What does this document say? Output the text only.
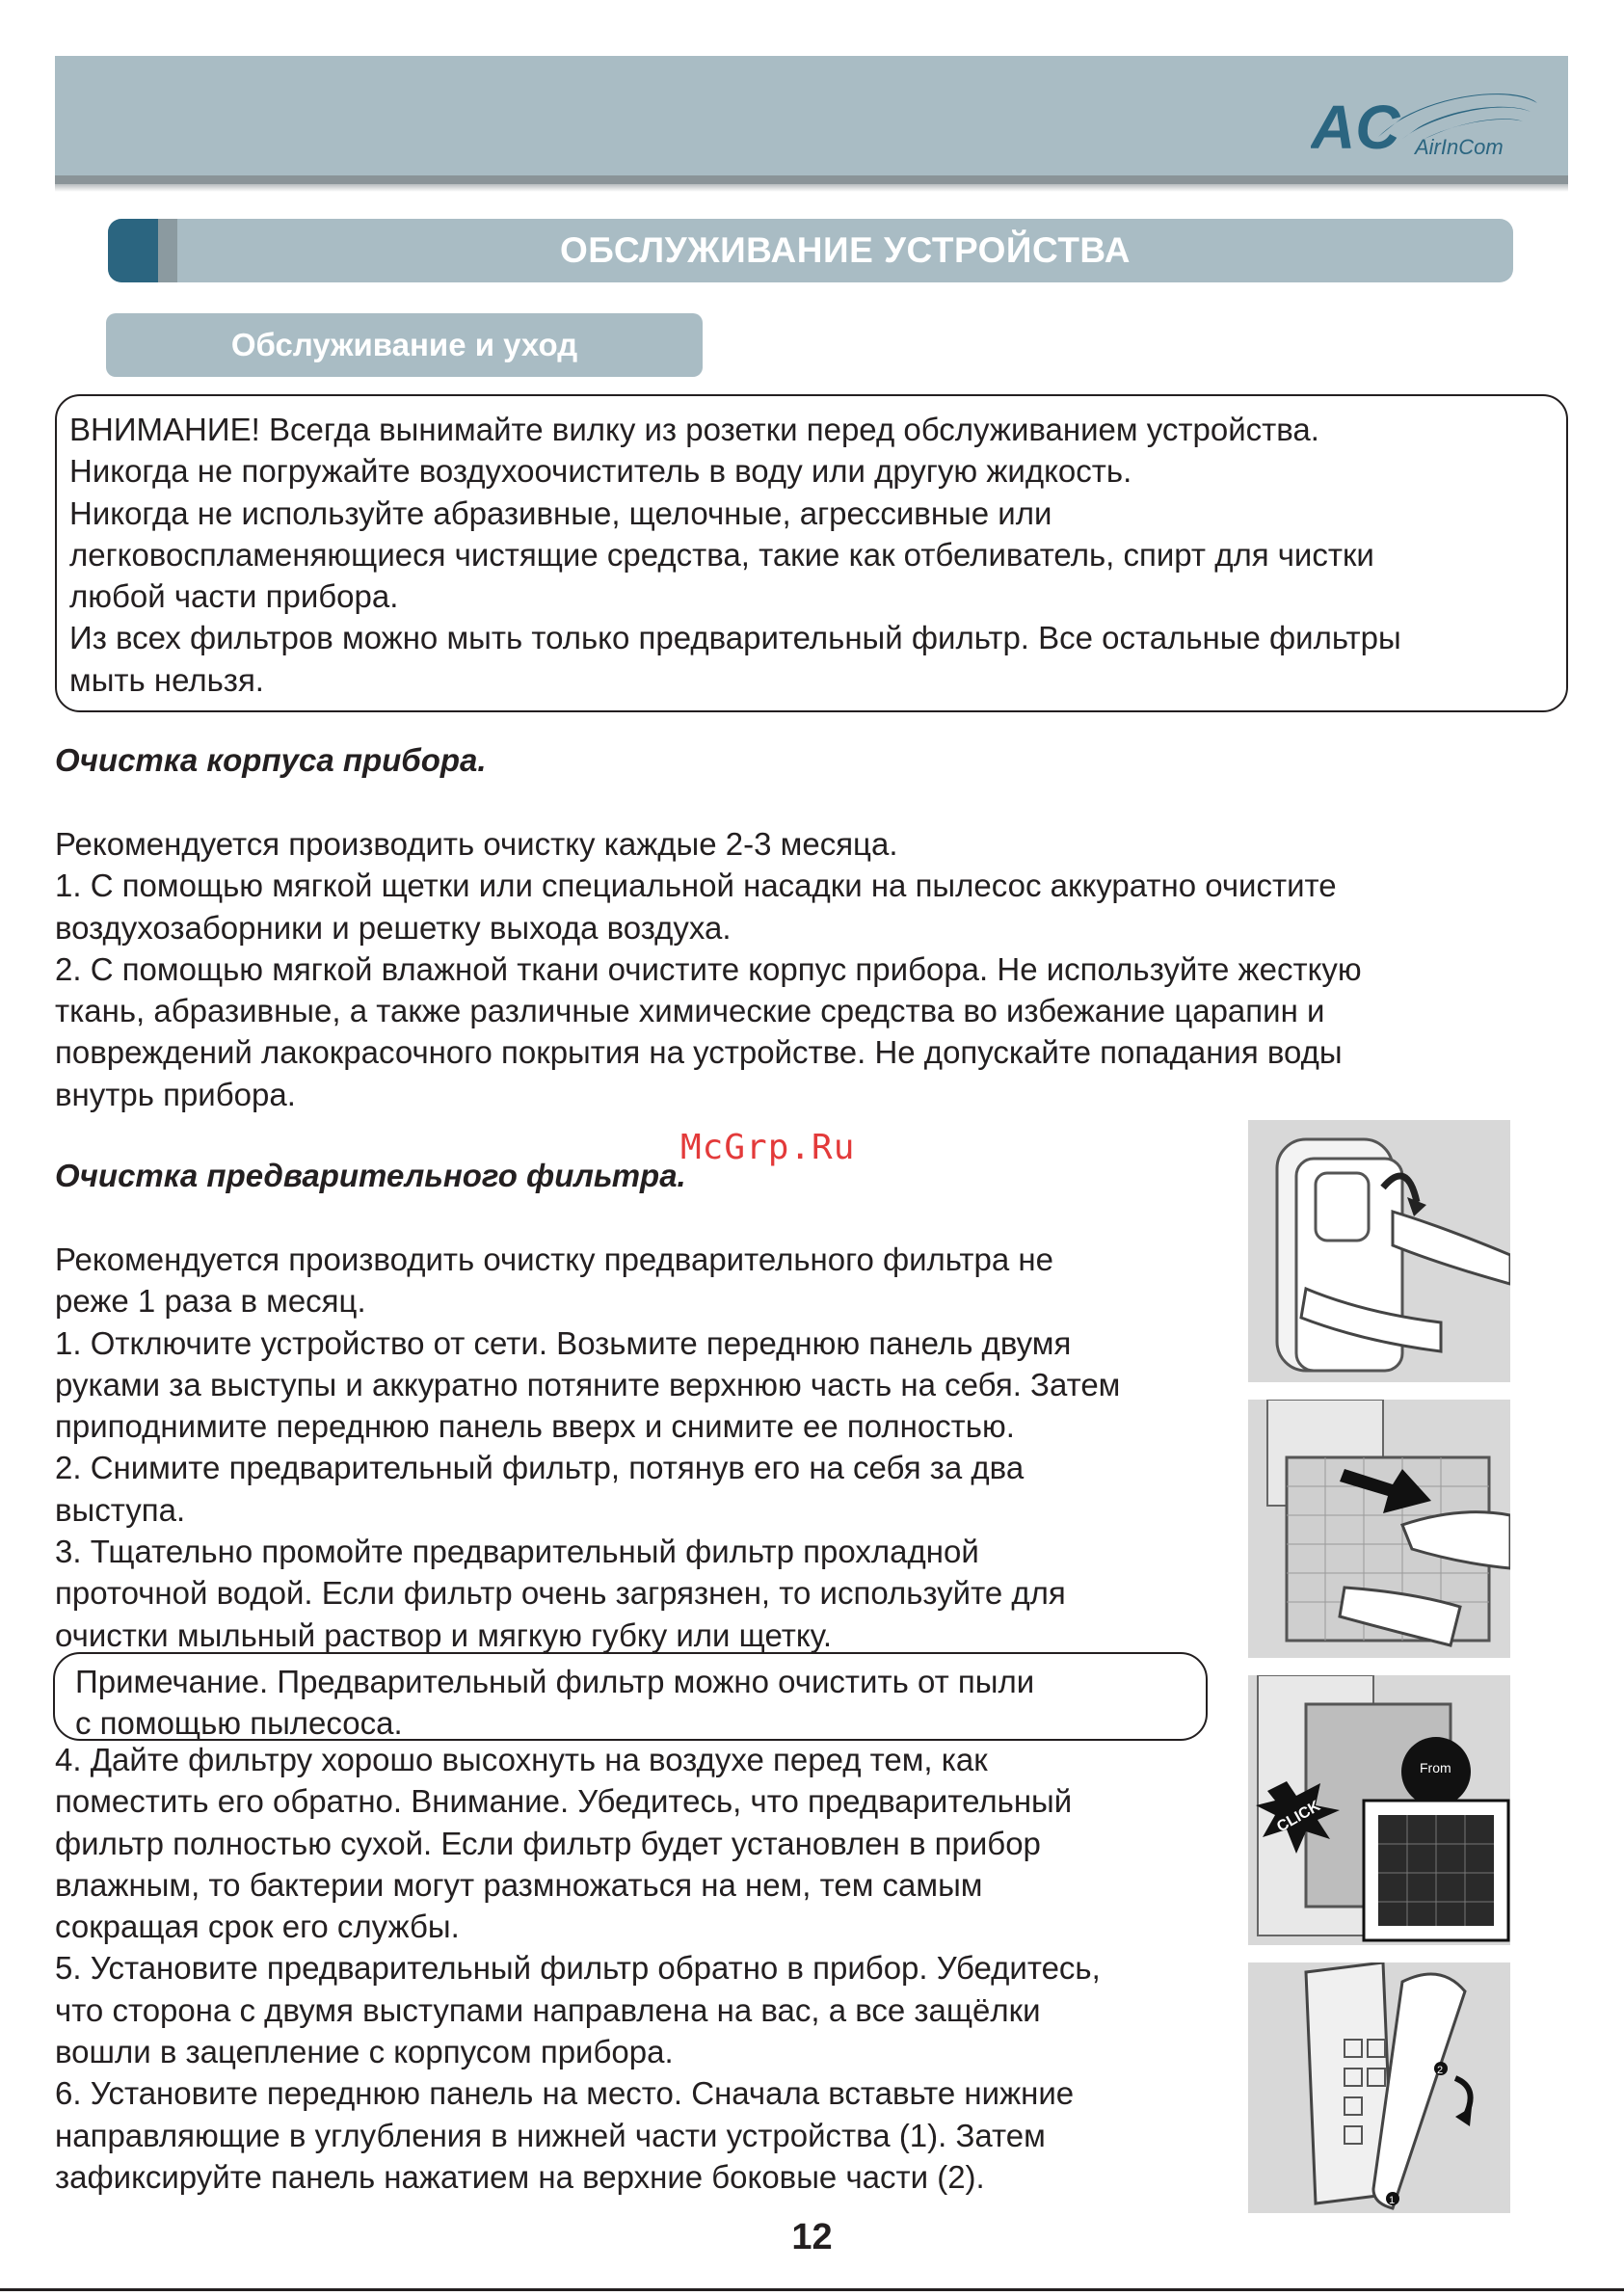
AC AirInCom
ОБСЛУЖИВАНИЕ УСТРОЙСТВА
Обслуживание и уход
ВНИМАНИЕ! Всегда вынимайте вилку из розетки перед обслуживанием устройства.
Никогда не погружайте воздухоочиститель в воду или другую жидкость.
Никогда не используйте абразивные, щелочные, агрессивные или
легковоспламеняющиеся чистящие средства, такие как отбеливатель, спирт для чистки
любой части прибора.
Из всех фильтров можно мыть только предварительный фильтр. Все остальные фильтры
мыть нельзя.
Очистка корпуса прибора.
Рекомендуется производить очистку каждые 2-3 месяца.
1. С помощью мягкой щетки или специальной насадки на пылесос аккуратно очистите
воздухозаборники и решетку выхода воздуха.
2. С помощью мягкой влажной ткани очистите корпус прибора. Не используйте жесткую
ткань, абразивные, а также различные химические средства во избежание царапин и
повреждений лакокрасочного покрытия на устройстве. Не допускайте попадания воды
внутрь прибора.
McGrp.Ru
Очистка предварительного фильтра.
Рекомендуется производить очистку предварительного фильтра не
реже 1 раза в месяц.
1. Отключите устройство от сети. Возьмите переднюю панель двумя
руками за выступы и аккуратно потяните верхнюю часть на себя. Затем
приподнимите переднюю панель вверх и снимите ее полностью.
2. Снимите предварительный фильтр, потянув его на себя за два
выступа.
3. Тщательно промойте предварительный фильтр прохладной
проточной водой. Если фильтр очень загрязнен, то используйте для
очистки мыльный раствор и мягкую губку или щетку.
Примечание. Предварительный фильтр можно очистить от пыли
с помощью пылесоса.
4. Дайте фильтру хорошо высохнуть на воздухе перед тем, как
поместить его обратно. Внимание. Убедитесь, что предварительный
фильтр полностью сухой. Если фильтр будет установлен в прибор
влажным, то бактерии могут размножаться на нем, тем самым
сокращая срок его службы.
5. Установите предварительный фильтр обратно в прибор. Убедитесь,
что сторона с двумя выступами направлена на вас, а все защёлки
вошли в зацепление с корпусом прибора.
6. Установите переднюю панель на место. Сначала вставьте нижние
направляющие в углубления в нижней части устройства (1). Затем
зафиксируйте панель нажатием на верхние боковые части (2).
CLICK
From
2
1
12
